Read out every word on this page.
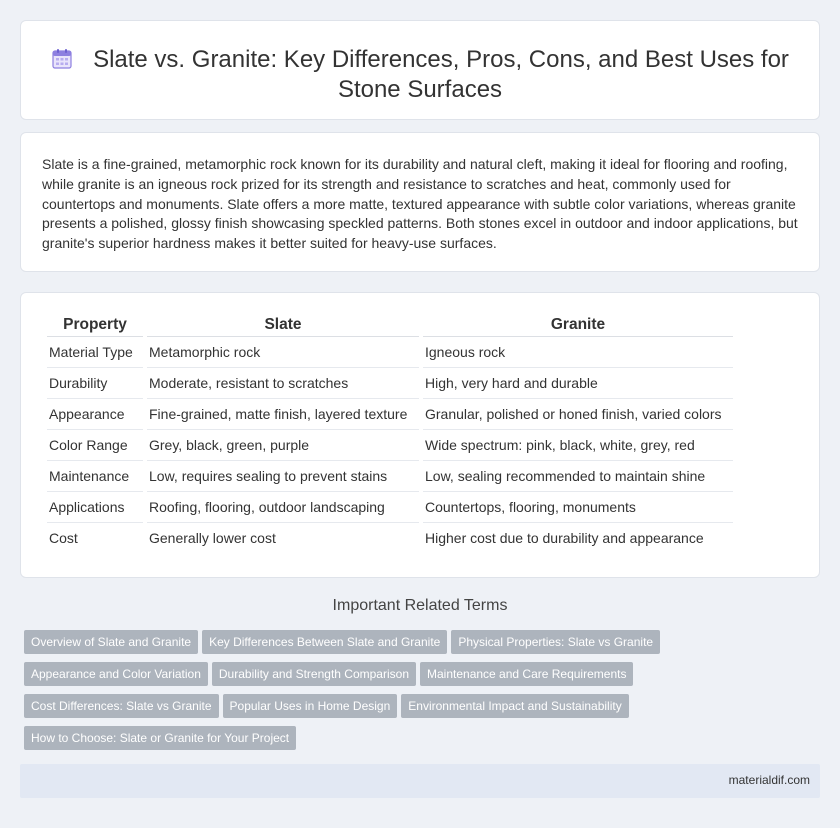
Slate vs. Granite: Key Differences, Pros, Cons, and Best Uses for Stone Surfaces

Slate is a fine-grained, metamorphic rock known for its durability and natural cleft, making it ideal for flooring and roofing, while granite is an igneous rock prized for its strength and resistance to scratches and heat, commonly used for countertops and monuments. Slate offers a more matte, textured appearance with subtle color variations, whereas granite presents a polished, glossy finish showcasing speckled patterns. Both stones excel in outdoor and indoor applications, but granite's superior hardness makes it better suited for heavy-use surfaces.

Property	Slate	Granite
Material Type	Metamorphic rock	Igneous rock
Durability	Moderate, resistant to scratches	High, very hard and durable
Appearance	Fine-grained, matte finish, layered texture	Granular, polished or honed finish, varied colors
Color Range	Grey, black, green, purple	Wide spectrum: pink, black, white, grey, red
Maintenance	Low, requires sealing to prevent stains	Low, sealing recommended to maintain shine
Applications	Roofing, flooring, outdoor landscaping	Countertops, flooring, monuments
Cost	Generally lower cost	Higher cost due to durability and appearance
Important Related Terms
Overview of Slate and Granite Key Differences Between Slate and Granite Physical Properties: Slate vs GraniteAppearance and Color Variation Durability and Strength Comparison Maintenance and Care RequirementsCost Differences: Slate vs Granite Popular Uses in Home Design Environmental Impact and SustainabilityHow to Choose: Slate or Granite for Your Project
materialdif.com
